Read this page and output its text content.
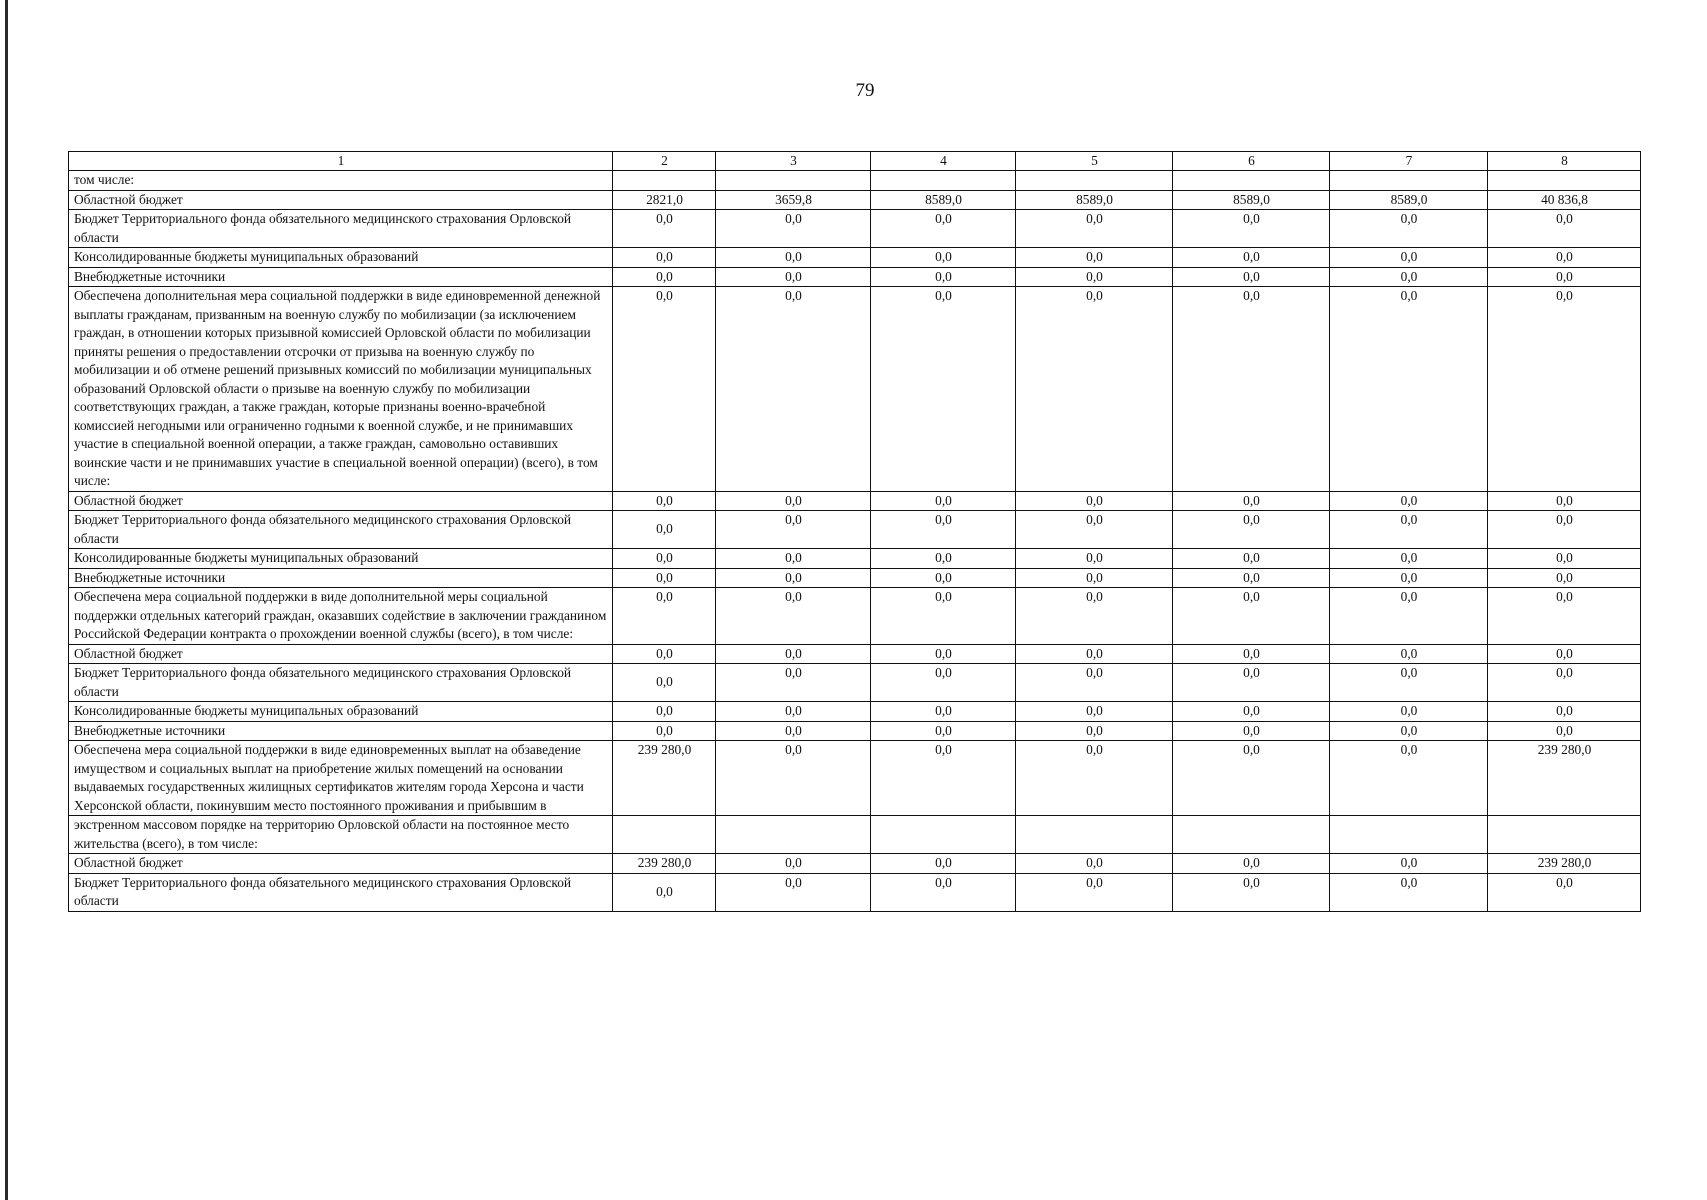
79
1	2	3	4	5	6	7	8
том числе:							
Областной бюджет	2821,0	3659,8	8589,0	8589,0	8589,0	8589,0	40 836,8
Бюджет Территориального фонда обязательного медицинского страхования Орловской области	0,0	0,0	0,0	0,0	0,0	0,0	0,0
Консолидированные бюджеты муниципальных образований	0,0	0,0	0,0	0,0	0,0	0,0	0,0
Внебюджетные источники	0,0	0,0	0,0	0,0	0,0	0,0	0,0
Обеспечена дополнительная мера социальной поддержки в виде единовременной денежной выплаты гражданам, призванным на военную службу по мобилизации (за исключением граждан, в отношении которых призывной комиссией Орловской области по мобилизации приняты решения о предоставлении отсрочки от призыва на военную службу по мобилизации и об отмене решений призывных комиссий по мобилизации муниципальных образований Орловской области о призыве на военную службу по мобилизации соответствующих граждан, а также граждан, которые признаны военно-врачебной комиссией негодными или ограниченно годными к военной службе, и не принимавших участие в специальной военной операции, а также граждан, самовольно оставивших воинские части и не принимавших участие в специальной военной операции) (всего), в том числе:	0,0	0,0	0,0	0,0	0,0	0,0	0,0
Областной бюджет	0,0	0,0	0,0	0,0	0,0	0,0	0,0
Бюджет Территориального фонда обязательного медицинского страхования Орловской области	0,0	0,0	0,0	0,0	0,0	0,0	0,0
Консолидированные бюджеты муниципальных образований	0,0	0,0	0,0	0,0	0,0	0,0	0,0
Внебюджетные источники	0,0	0,0	0,0	0,0	0,0	0,0	0,0
Обеспечена мера социальной поддержки в виде дополнительной меры социальной поддержки отдельных категорий граждан, оказавших содействие в заключении гражданином Российской Федерации контракта о прохождении военной службы (всего), в том числе:	0,0	0,0	0,0	0,0	0,0	0,0	0,0
Областной бюджет	0,0	0,0	0,0	0,0	0,0	0,0	0,0
Бюджет Территориального фонда обязательного медицинского страхования Орловской области	0,0	0,0	0,0	0,0	0,0	0,0	0,0
Консолидированные бюджеты муниципальных образований	0,0	0,0	0,0	0,0	0,0	0,0	0,0
Внебюджетные источники	0,0	0,0	0,0	0,0	0,0	0,0	0,0
Обеспечена мера социальной поддержки в виде единовременных выплат на обзаведение имуществом и социальных выплат на приобретение жилых помещений на основании выдаваемых государственных жилищных сертификатов жителям города Херсона и части Херсонской области, покинувшим место постоянного проживания и прибывшим в	239 280,0	0,0	0,0	0,0	0,0	0,0	239 280,0
экстренном массовом порядке на территорию Орловской области на постоянное место жительства (всего), в том числе:							
Областной бюджет	239 280,0	0,0	0,0	0,0	0,0	0,0	239 280,0
Бюджет Территориального фонда обязательного медицинского страхования Орловской области	0,0	0,0	0,0	0,0	0,0	0,0	0,0
